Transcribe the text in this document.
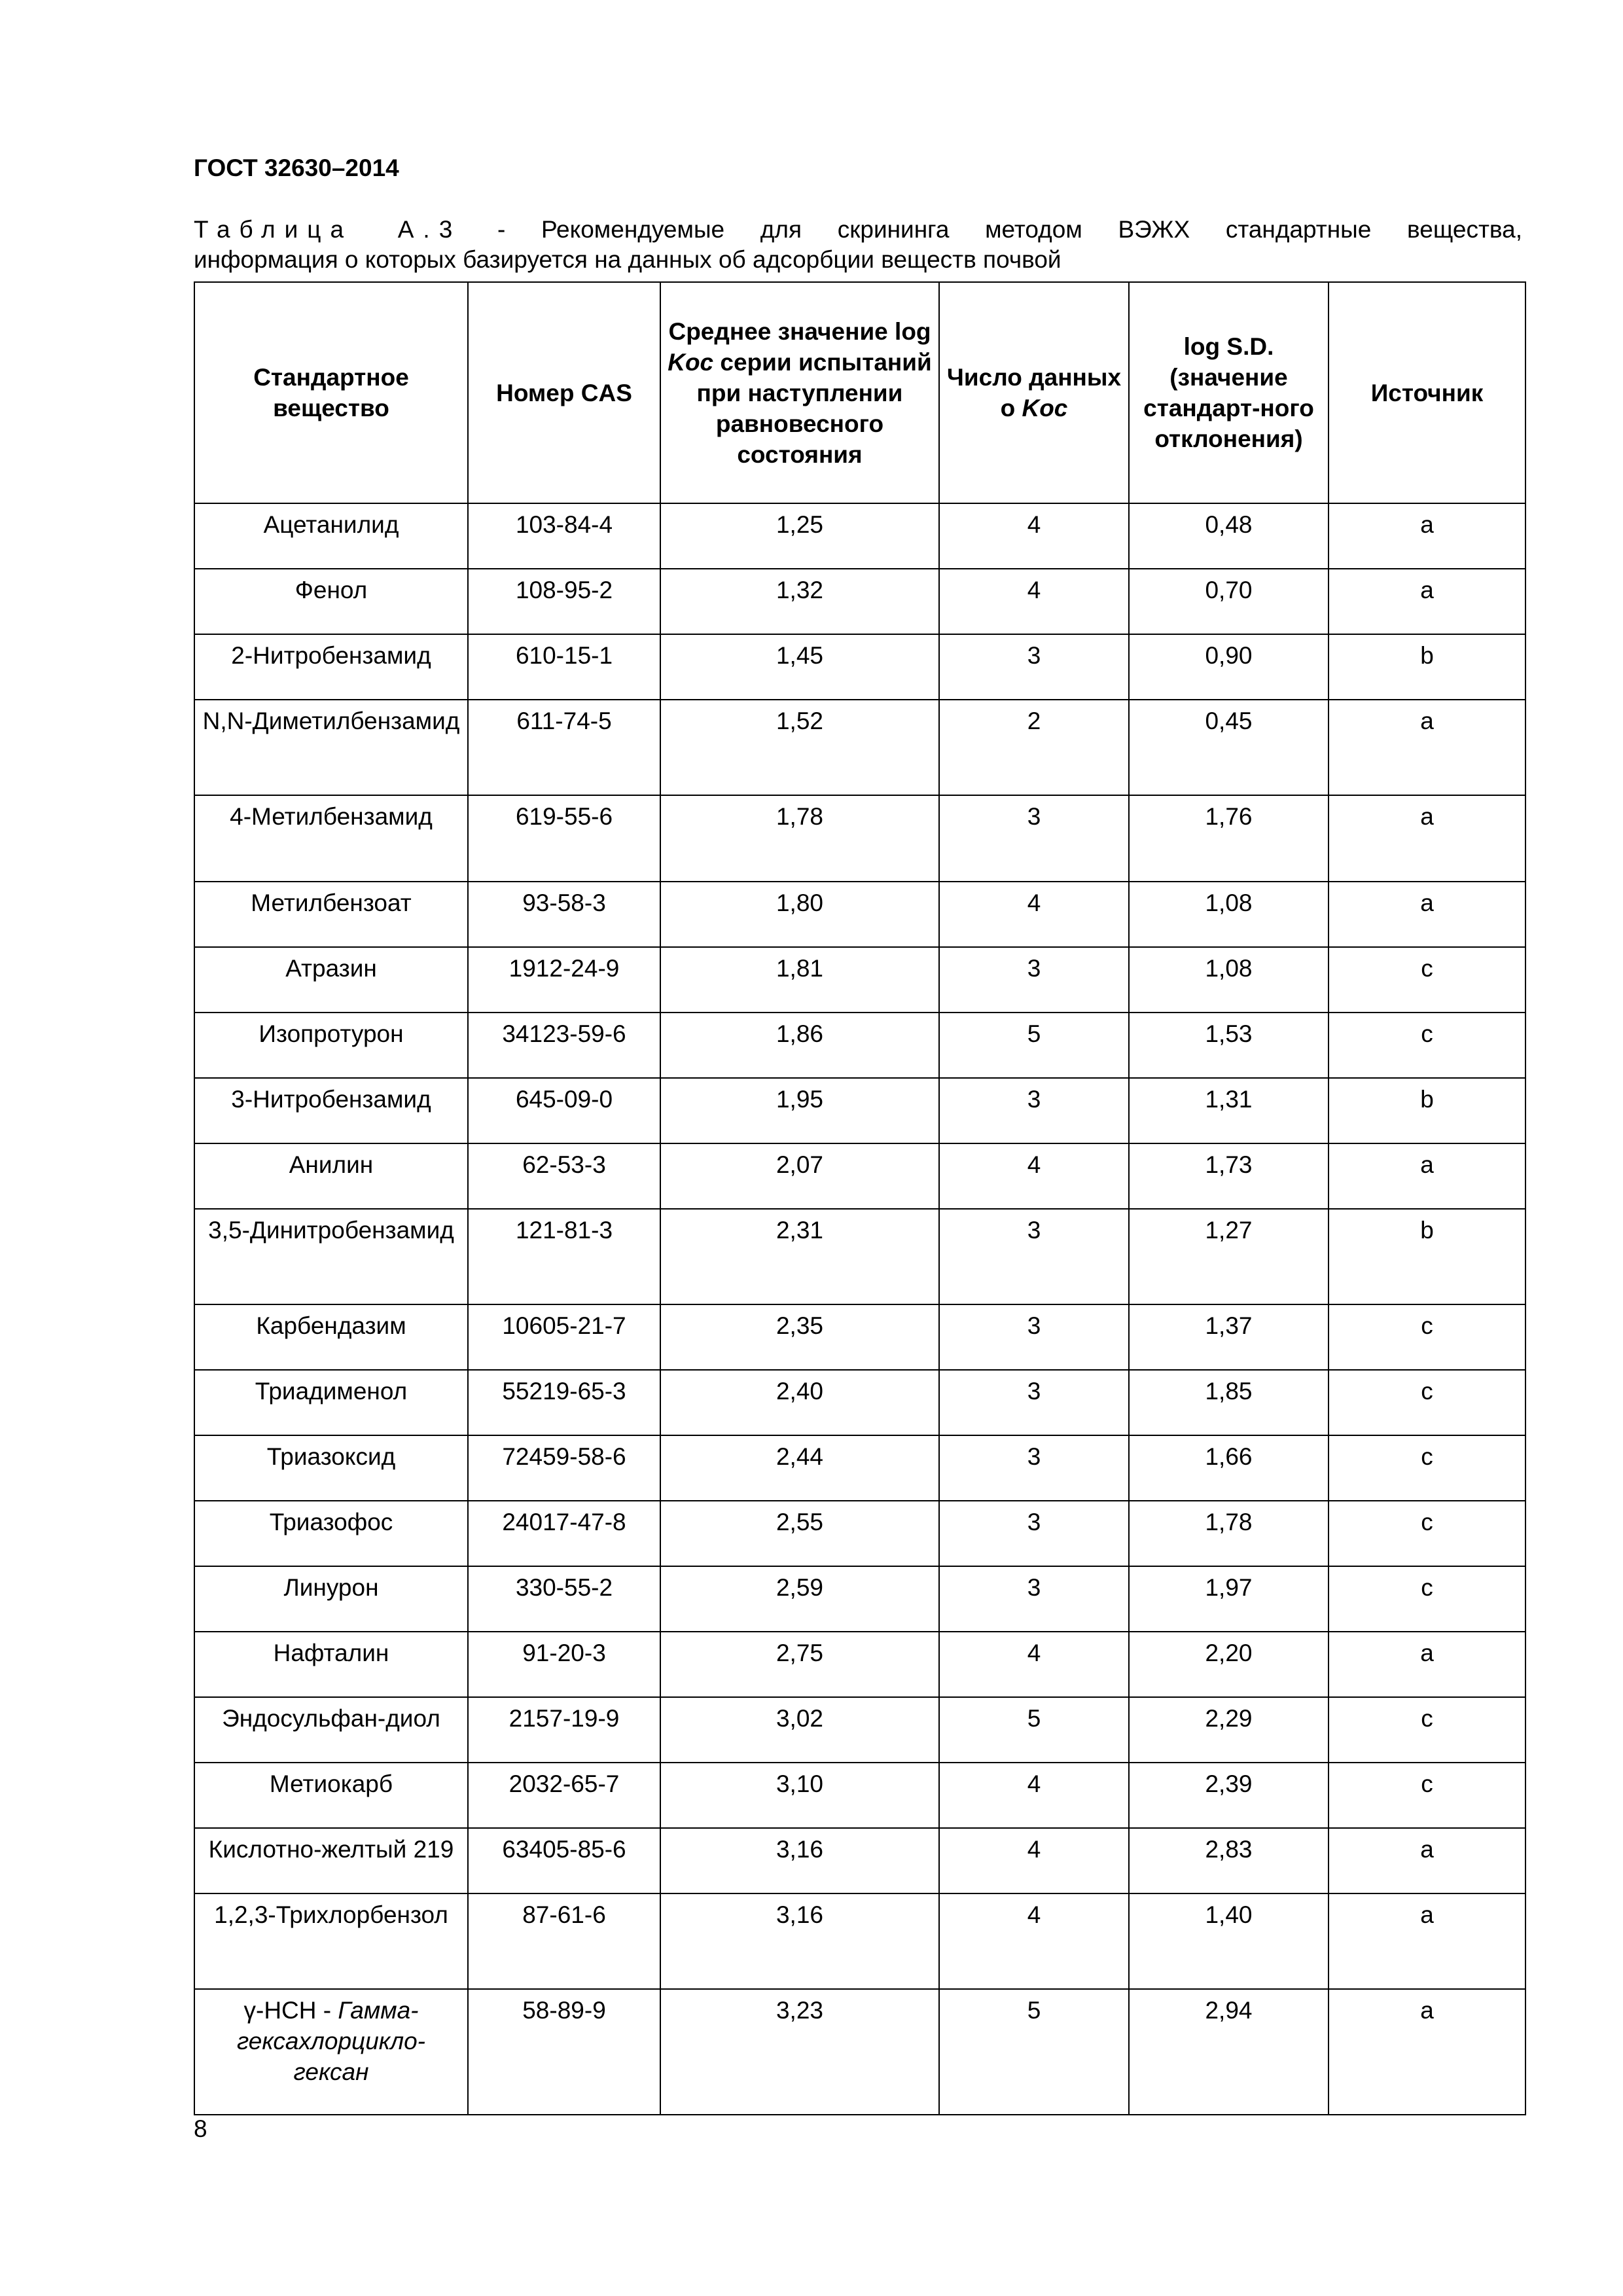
ГОСТ 32630–2014
Таблица А.3 - Рекомендуемые для скрининга методом ВЭЖХ стандартные вещества,
информация о которых базируется на данных об адсорбции веществ почвой
Стандартное вещество	Номер CAS	Среднее значение log Koc серии испытаний при наступлении равновесного состояния	Число данных о Koc	log S.D. (значение стандарт-ного отклонения)	Источник
Ацетанилид	103-84-4	1,25	4	0,48	a
Фенол	108-95-2	1,32	4	0,70	a
2-Нитробензамид	610-15-1	1,45	3	0,90	b
N,N-Диметилбензамид	611-74-5	1,52	2	0,45	a
4-Метилбензамид	619-55-6	1,78	3	1,76	a
Метилбензоат	93-58-3	1,80	4	1,08	a
Атразин	1912-24-9	1,81	3	1,08	c
Изопротурон	34123-59-6	1,86	5	1,53	c
3-Нитробензамид	645-09-0	1,95	3	1,31	b
Анилин	62-53-3	2,07	4	1,73	a
3,5-Динитробензамид	121-81-3	2,31	3	1,27	b
Карбендазим	10605-21-7	2,35	3	1,37	c
Триадименол	55219-65-3	2,40	3	1,85	c
Триазоксид	72459-58-6	2,44	3	1,66	c
Триазофос	24017-47-8	2,55	3	1,78	c
Линурон	330-55-2	2,59	3	1,97	c
Нафталин	91-20-3	2,75	4	2,20	a
Эндосульфан-диол	2157-19-9	3,02	5	2,29	c
Метиокарб	2032-65-7	3,10	4	2,39	c
Кислотно-желтый 219	63405-85-6	3,16	4	2,83	a
1,2,3-Трихлорбензол	87-61-6	3,16	4	1,40	a
γ-HCH - Гамма-гексахлорцикло-гексан	58-89-9	3,23	5	2,94	a
8
